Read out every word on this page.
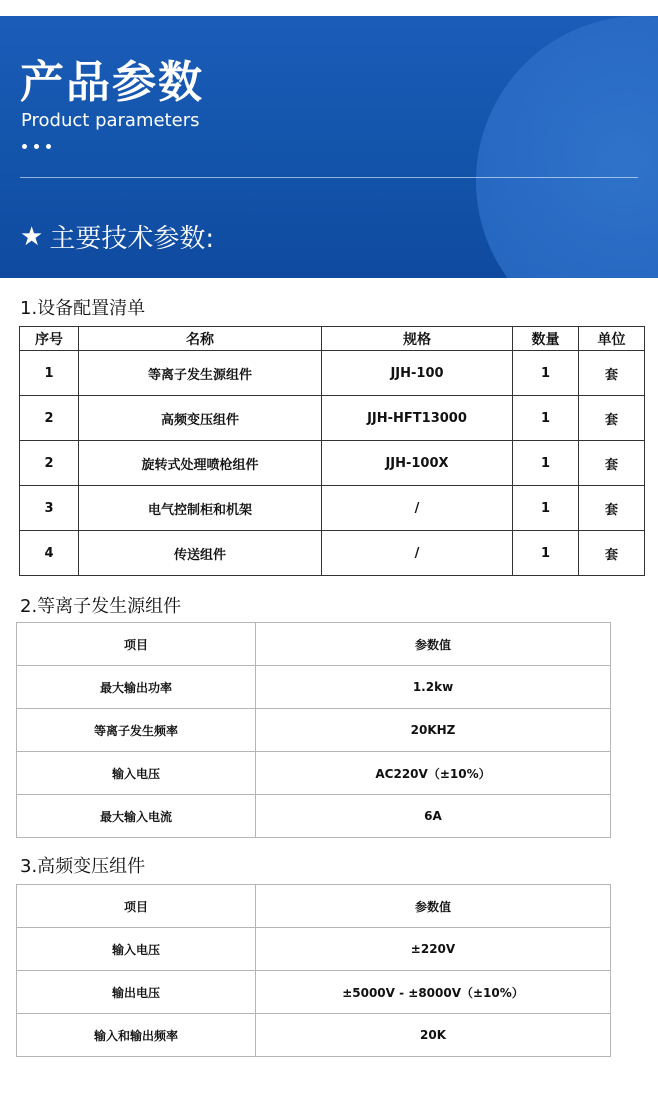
产品参数
Product parameters
★ 主要技术参数:
1.设备配置清单
序号	名称	规格	数量	单位
1	等离子发生源组件	JJH-100	1	套
2	高频变压组件	JJH-HFT13000	1	套
2	旋转式处理喷枪组件	JJH-100X	1	套
3	电气控制柜和机架	/	1	套
4	传送组件	/	1	套
2.等离子发生源组件
项目	参数值
最大输出功率	1.2kw
等离子发生频率	20KHZ
输入电压	AC220V（±10%）
最大输入电流	6A
3.高频变压组件
项目	参数值
输入电压	±220V
输出电压	±5000V - ±8000V（±10%）
输入和输出频率	20K
